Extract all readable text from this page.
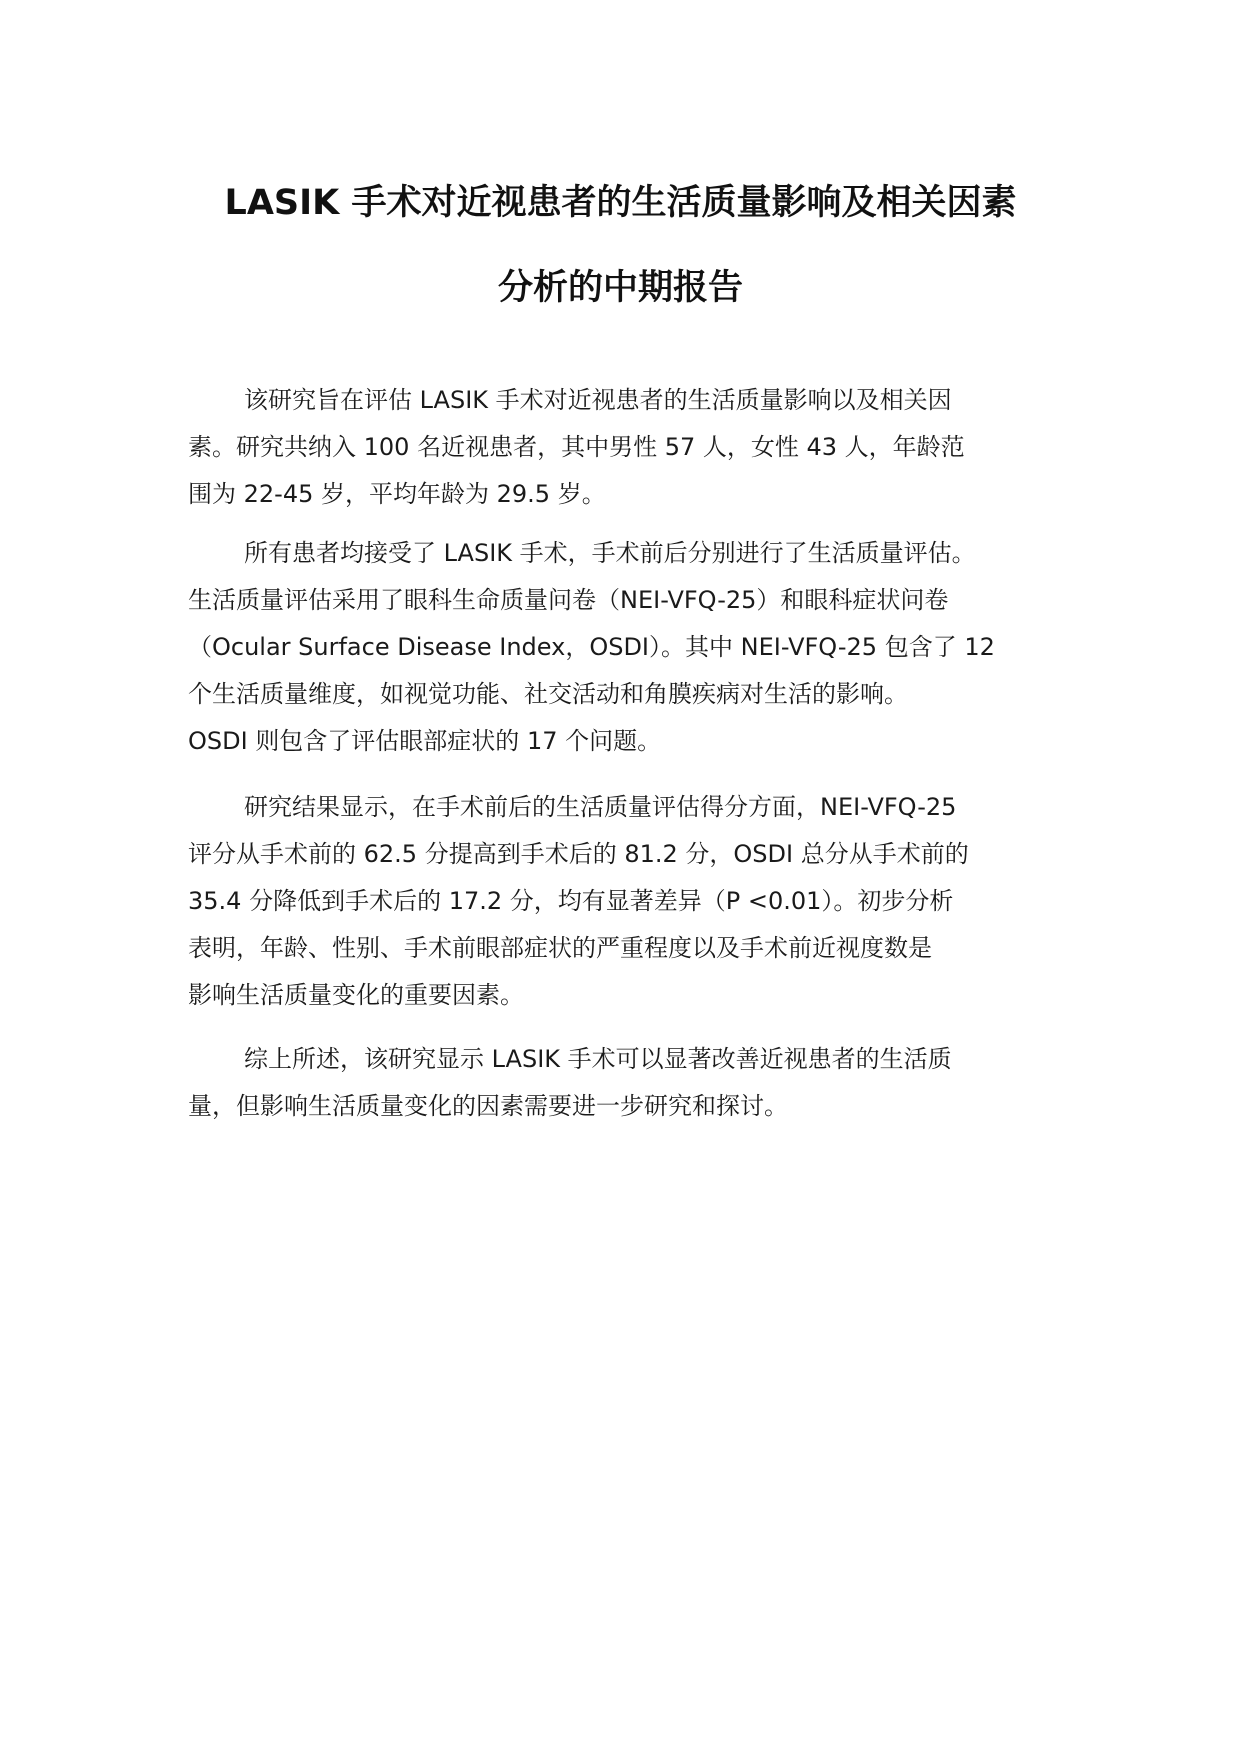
LASIK 手术对近视患者的生活质量影响及相关因素
分析的中期报告
该研究旨在评估 LASIK 手术对近视患者的生活质量影响以及相关因
素。研究共纳入 100 名近视患者，其中男性 57 人，女性 43 人，年龄范
围为 22-45 岁，平均年龄为 29.5 岁。
所有患者均接受了 LASIK 手术，手术前后分别进行了生活质量评估。
生活质量评估采用了眼科生命质量问卷（NEI-VFQ-25）和眼科症状问卷
（Ocular Surface Disease Index，OSDI）。其中 NEI-VFQ-25 包含了 12
个生活质量维度，如视觉功能、社交活动和角膜疾病对生活的影响。
OSDI 则包含了评估眼部症状的 17 个问题。
研究结果显示，在手术前后的生活质量评估得分方面，NEI-VFQ-25
评分从手术前的 62.5 分提高到手术后的 81.2 分，OSDI 总分从手术前的
35.4 分降低到手术后的 17.2 分，均有显著差异（P <0.01）。初步分析
表明，年龄、性别、手术前眼部症状的严重程度以及手术前近视度数是
影响生活质量变化的重要因素。
综上所述，该研究显示 LASIK 手术可以显著改善近视患者的生活质
量，但影响生活质量变化的因素需要进一步研究和探讨。
